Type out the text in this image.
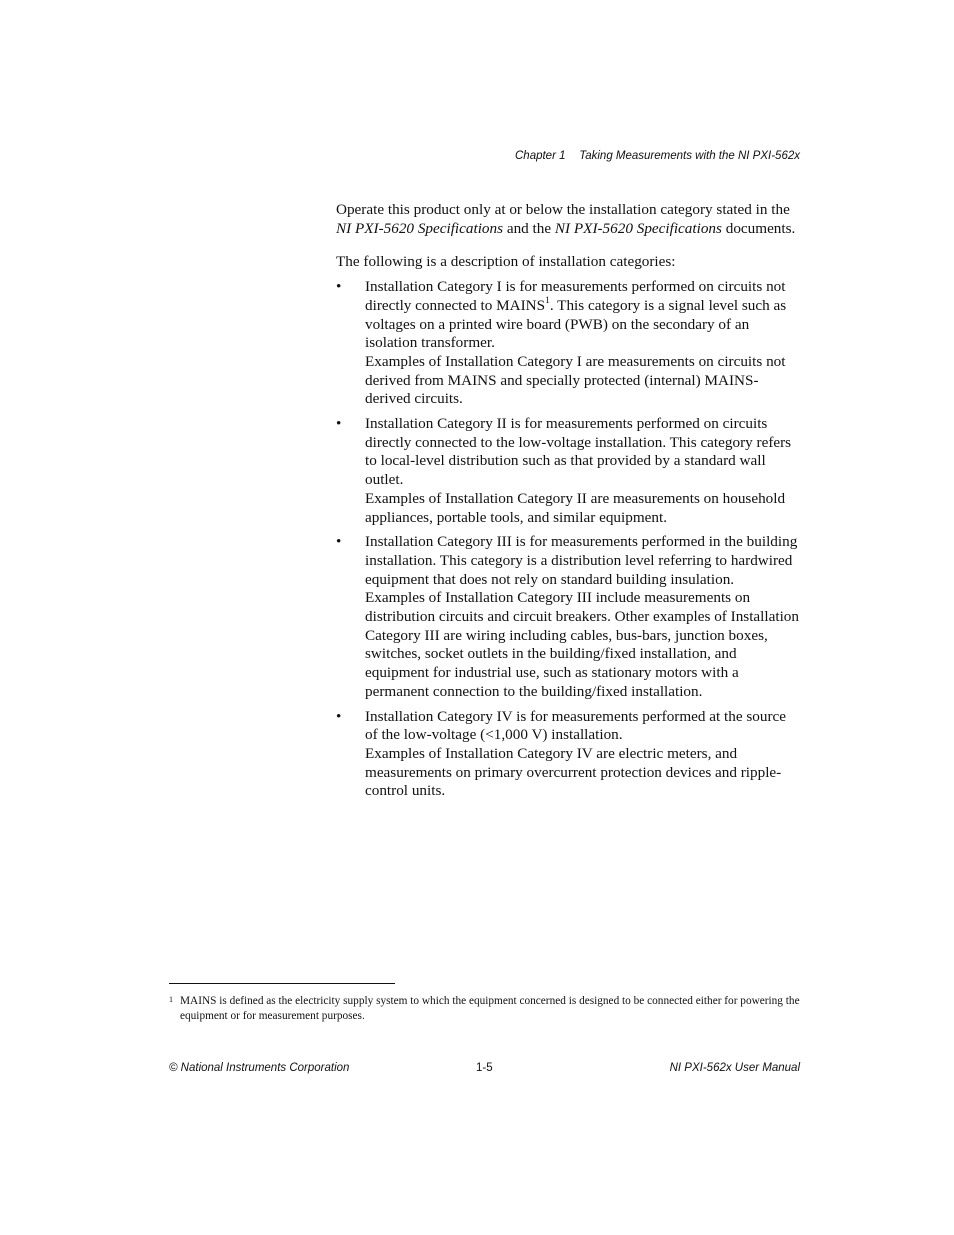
Chapter 1 Taking Measurements with the NI PXI-562x

Operate this product only at or below the installation category stated in the NI PXI-5620 Specifications and the NI PXI-5620 Specifications documents.

The following is a description of installation categories:

• Installation Category I is for measurements performed on circuits not directly connected to MAINS$^1$. This category is a signal level such as voltages on a printed wire board (PWB) on the secondary of an isolation transformer.

Examples of Installation Category I are measurements on circuits not derived from MAINS and specially protected (internal) MAINS-derived circuits.

• Installation Category II is for measurements performed on circuits directly connected to the low-voltage installation. This category refers to local-level distribution such as that provided by a standard wall outlet.

Examples of Installation Category II are measurements on household appliances, portable tools, and similar equipment.

• Installation Category III is for measurements performed in the building installation. This category is a distribution level referring to hardwired equipment that does not rely on standard building insulation.

Examples of Installation Category III include measurements on distribution circuits and circuit breakers. Other examples of Installation Category III are wiring including cables, bus-bars, junction boxes, switches, socket outlets in the building/fixed installation, and equipment for industrial use, such as stationary motors with a permanent connection to the building/fixed installation.

• Installation Category IV is for measurements performed at the source of the low-voltage (<1,000 V) installation.

Examples of Installation Category IV are electric meters, and measurements on primary overcurrent protection devices and ripple-control units.

1 MAINS is defined as the electricity supply system to which the equipment concerned is designed to be connected either for powering the equipment or for measurement purposes.
© National Instruments Corporation	1-5	NI PXI-562x User Manual
